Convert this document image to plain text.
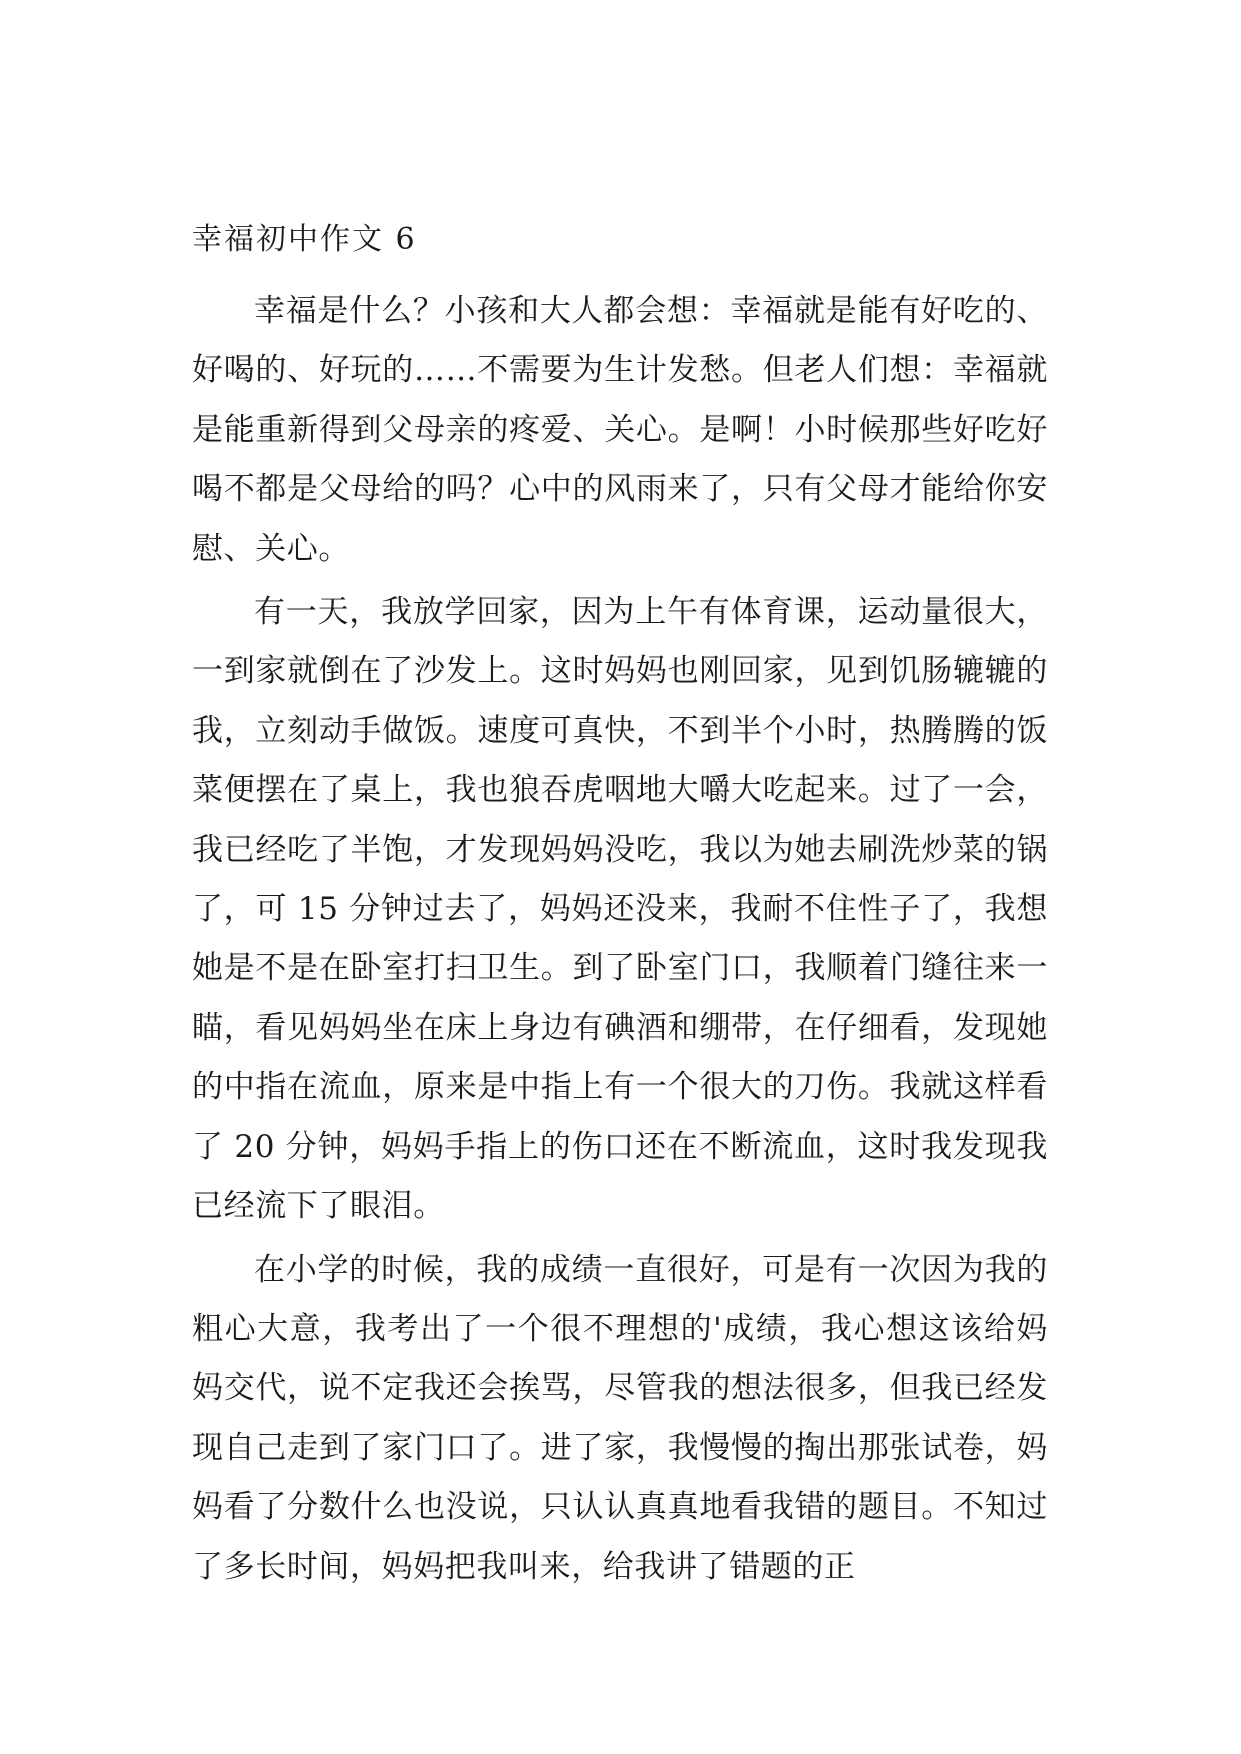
幸福初中作文 6

幸福是什么？小孩和大人都会想：幸福就是能有好吃的、好喝的、好玩的……不需要为生计发愁。但老人们想：幸福就是能重新得到父母亲的疼爱、关心。是啊！小时候那些好吃好喝不都是父母给的吗？心中的风雨来了，只有父母才能给你安慰、关心。

有一天，我放学回家，因为上午有体育课，运动量很大，一到家就倒在了沙发上。这时妈妈也刚回家，见到饥肠辘辘的我，立刻动手做饭。速度可真快，不到半个小时，热腾腾的饭菜便摆在了桌上，我也狼吞虎咽地大嚼大吃起来。过了一会，我已经吃了半饱，才发现妈妈没吃，我以为她去刷洗炒菜的锅了，可 15 分钟过去了，妈妈还没来，我耐不住性子了，我想她是不是在卧室打扫卫生。到了卧室门口，我顺着门缝往来一瞄，看见妈妈坐在床上身边有碘酒和绷带，在仔细看，发现她的中指在流血，原来是中指上有一个很大的刀伤。我就这样看了 20 分钟，妈妈手指上的伤口还在不断流血，这时我发现我已经流下了眼泪。

在小学的时候，我的成绩一直很好，可是有一次因为我的粗心大意，我考出了一个很不理想的'成绩，我心想这该给妈妈交代，说不定我还会挨骂，尽管我的想法很多，但我已经发现自己走到了家门口了。进了家，我慢慢的掏出那张试卷，妈妈看了分数什么也没说，只认认真真地看我错的题目。不知过了多长时间，妈妈把我叫来，给我讲了错题的正
